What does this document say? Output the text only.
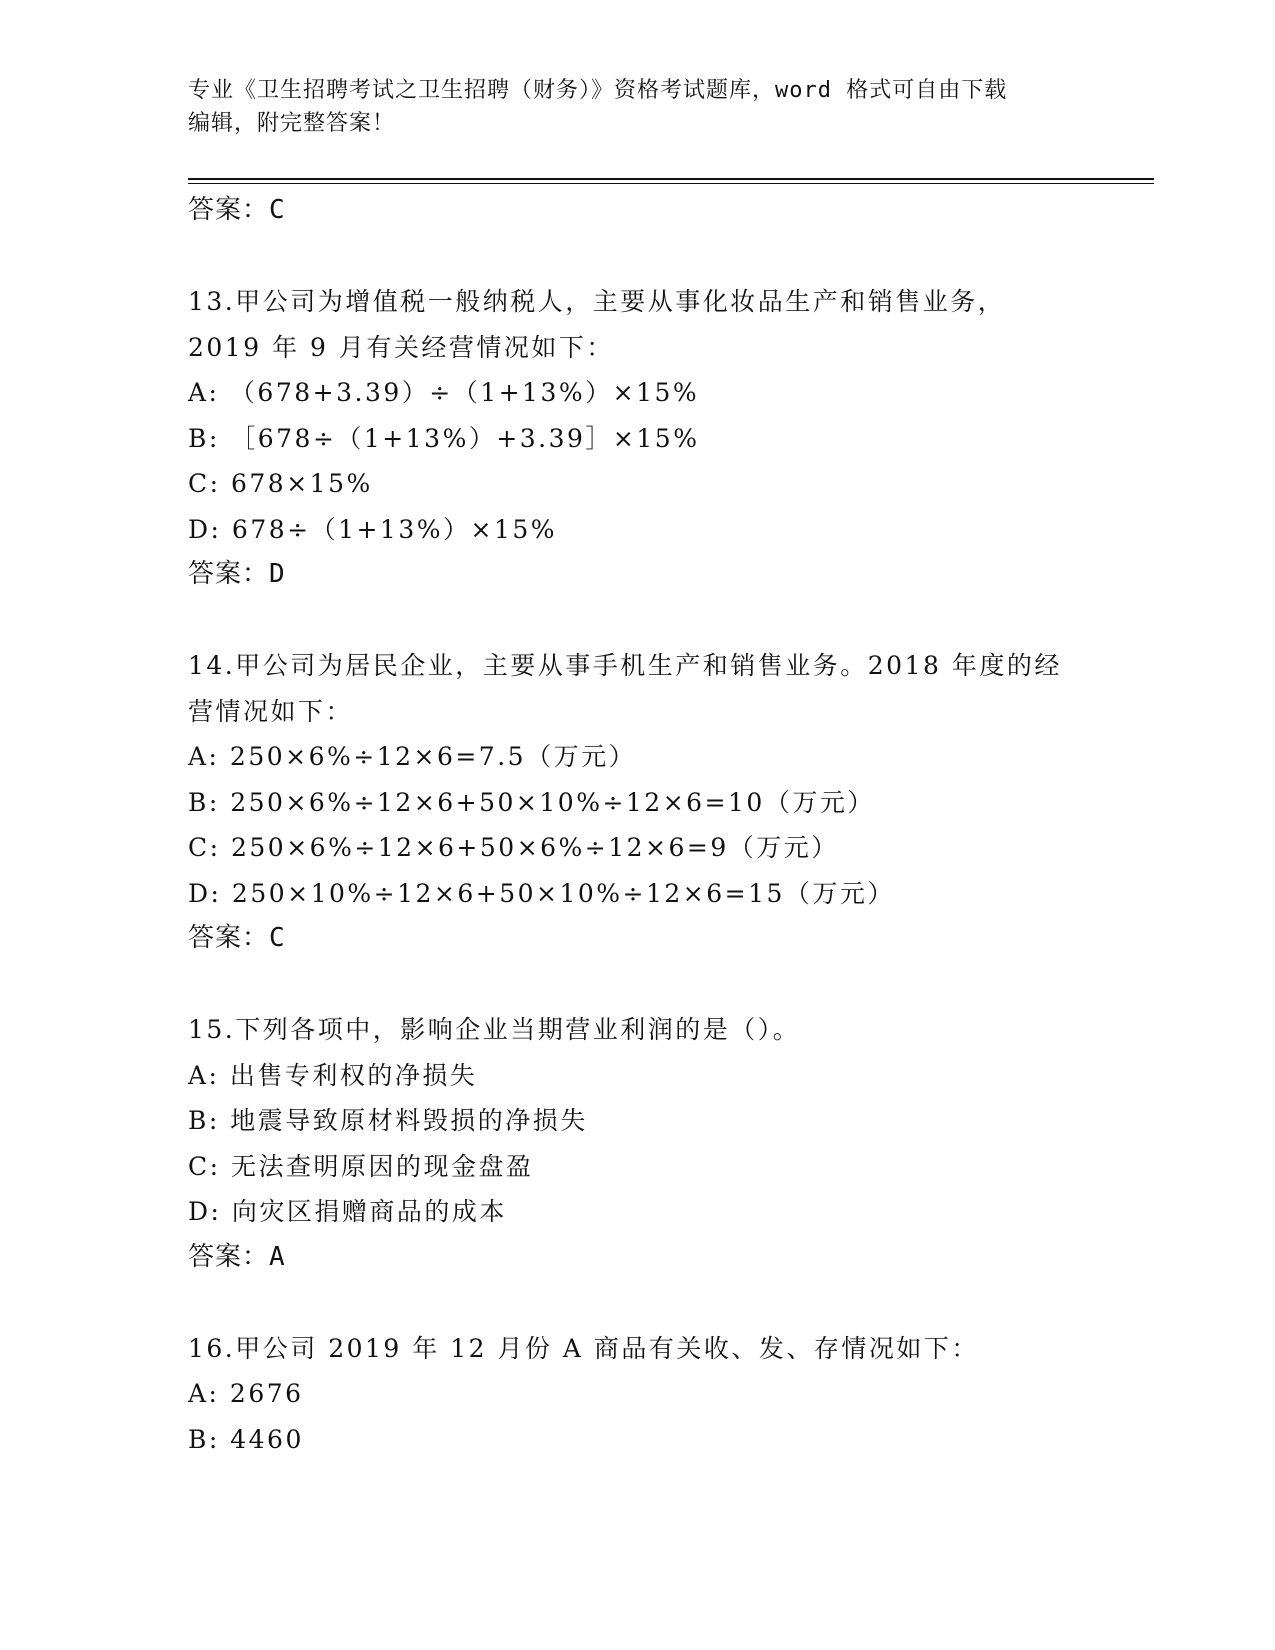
专业《卫生招聘考试之卫生招聘（财务）》资格考试题库，word 格式可自由下载
编辑，附完整答案！
答案：C
13.甲公司为增值税一般纳税人，主要从事化妆品生产和销售业务，
2019 年 9 月有关经营情况如下：
A: （678+3.39）÷（1+13%）×15%
B: ［678÷（1+13%）+3.39］×15%
C: 678×15%
D: 678÷（1+13%）×15%
答案：D
14.甲公司为居民企业，主要从事手机生产和销售业务。2018 年度的经
营情况如下：
A: 250×6%÷12×6=7.5（万元）
B: 250×6%÷12×6+50×10%÷12×6=10（万元）
C: 250×6%÷12×6+50×6%÷12×6=9（万元）
D: 250×10%÷12×6+50×10%÷12×6=15（万元）
答案：C
15.下列各项中，影响企业当期营业利润的是（）。
A: 出售专利权的净损失
B: 地震导致原材料毁损的净损失
C: 无法查明原因的现金盘盈
D: 向灾区捐赠商品的成本
答案：A
16.甲公司 2019 年 12 月份 A 商品有关收、发、存情况如下：
A: 2676
B: 4460
